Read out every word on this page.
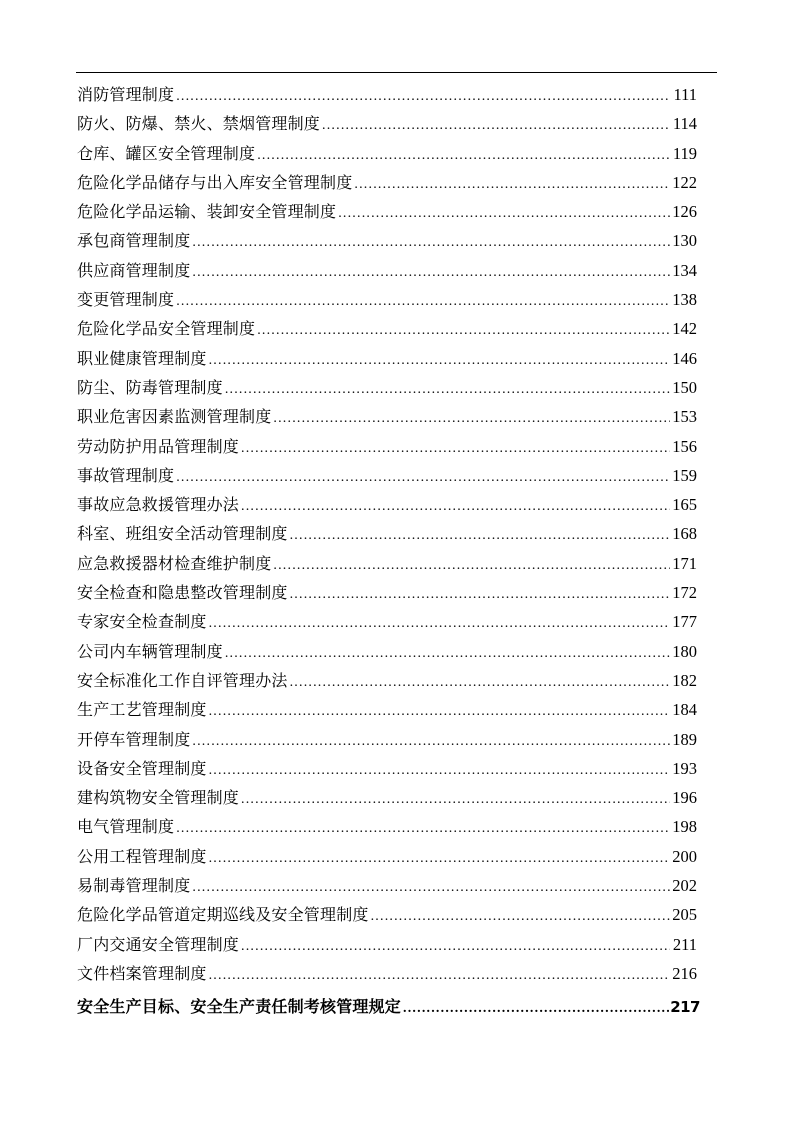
消防管理制度 .....	111
防火、防爆、禁火、禁烟管理制度 .....	114
仓库、罐区安全管理制度 .....	119
危险化学品储存与出入库安全管理制度 .....	122
危险化学品运输、装卸安全管理制度 .....	126
承包商管理制度 .....	130
供应商管理制度 .....	134
变更管理制度 .....	138
危险化学品安全管理制度 .....	142
职业健康管理制度 .....	146
防尘、防毒管理制度 .....	150
职业危害因素监测管理制度 .....	153
劳动防护用品管理制度 .....	156
事故管理制度 .....	159
事故应急救援管理办法 .....	165
科室、班组安全活动管理制度 .....	168
应急救援器材检查维护制度 .....	171
安全检查和隐患整改管理制度 .....	172
专家安全检查制度 .....	177
公司内车辆管理制度 .....	180
安全标准化工作自评管理办法 .....	182
生产工艺管理制度 .....	184
开停车管理制度 .....	189
设备安全管理制度 .....	193
建构筑物安全管理制度 .....	196
电气管理制度 .....	198
公用工程管理制度 .....	200
易制毒管理制度 .....	202
危险化学品管道定期巡线及安全管理制度 .....	205
厂内交通安全管理制度 .....	211
文件档案管理制度 .....	216
安全生产目标、安全生产责任制考核管理规定 .....	217
